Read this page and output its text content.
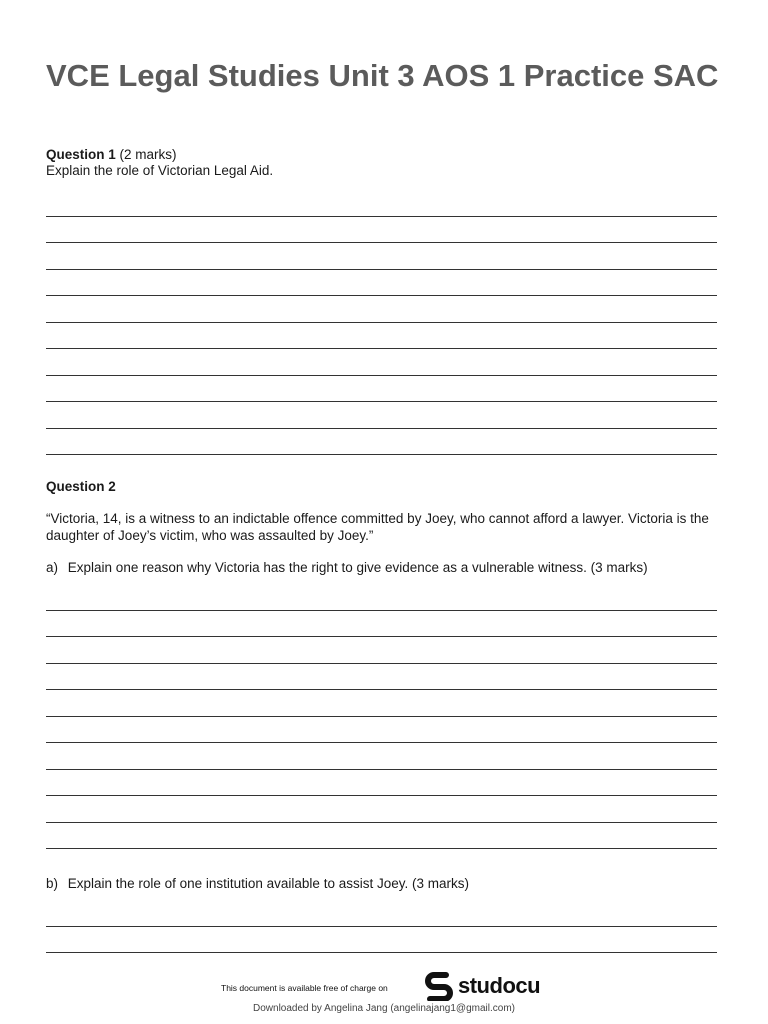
VCE Legal Studies Unit 3 AOS 1 Practice SAC
Question 1 (2 marks)
Explain the role of Victorian Legal Aid.
Question 2
“Victoria, 14, is a witness to an indictable offence committed by Joey, who cannot afford a lawyer. Victoria is the daughter of Joey’s victim, who was assaulted by Joey.”
a) Explain one reason why Victoria has the right to give evidence as a vulnerable witness. (3 marks)
b) Explain the role of one institution available to assist Joey. (3 marks)
This document is available free of charge on	studocu
Downloaded by Angelina Jang (angelinajang1@gmail.com)
